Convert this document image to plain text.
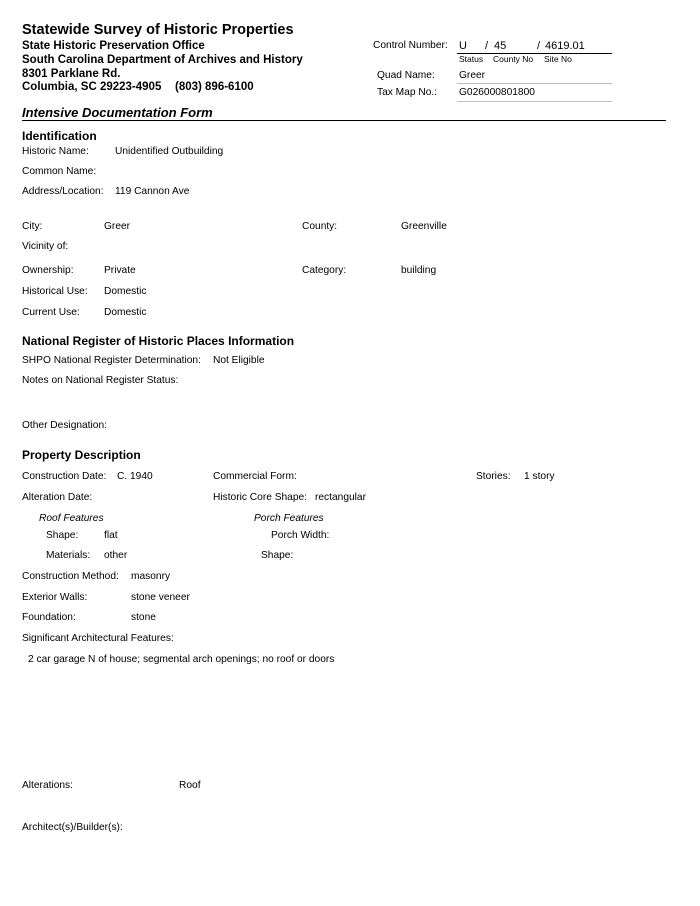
Statewide Survey of Historic Properties
State Historic Preservation Office
South Carolina Department of Archives and History
8301 Parklane Rd.
Columbia, SC 29223-4905 (803) 896-6100
Control Number: U / 45	/ 4619.01
Status County No Site No
Quad Name: Greer
Tax Map No.: G026000801800
Intensive Documentation Form
Identification
Historic Name:	Unidentified Outbuilding
Common Name:
Address/Location: 119 Cannon Ave
City:	Greer	County:	Greenville
Vicinity of:
Ownership:	Private	Category:	building
Historical Use: Domestic
Current Use: Domestic
National Register of Historic Places Information
SHPO National Register Determination: Not Eligible
Notes on National Register Status:
Other Designation:
Property Description
Construction Date: C. 1940	Commercial Form:	Stories: 1 story
Alteration Date:	Historic Core Shape: rectangular
Roof Features	Porch Features
Shape:	flat	Porch Width:
Materials: other	Shape:
Construction Method: masonry
Exterior Walls:	stone veneer
Foundation:	stone
Significant Architectural Features:
2 car garage N of house; segmental arch openings; no roof or doors
Alterations:	Roof
Architect(s)/Builder(s):
